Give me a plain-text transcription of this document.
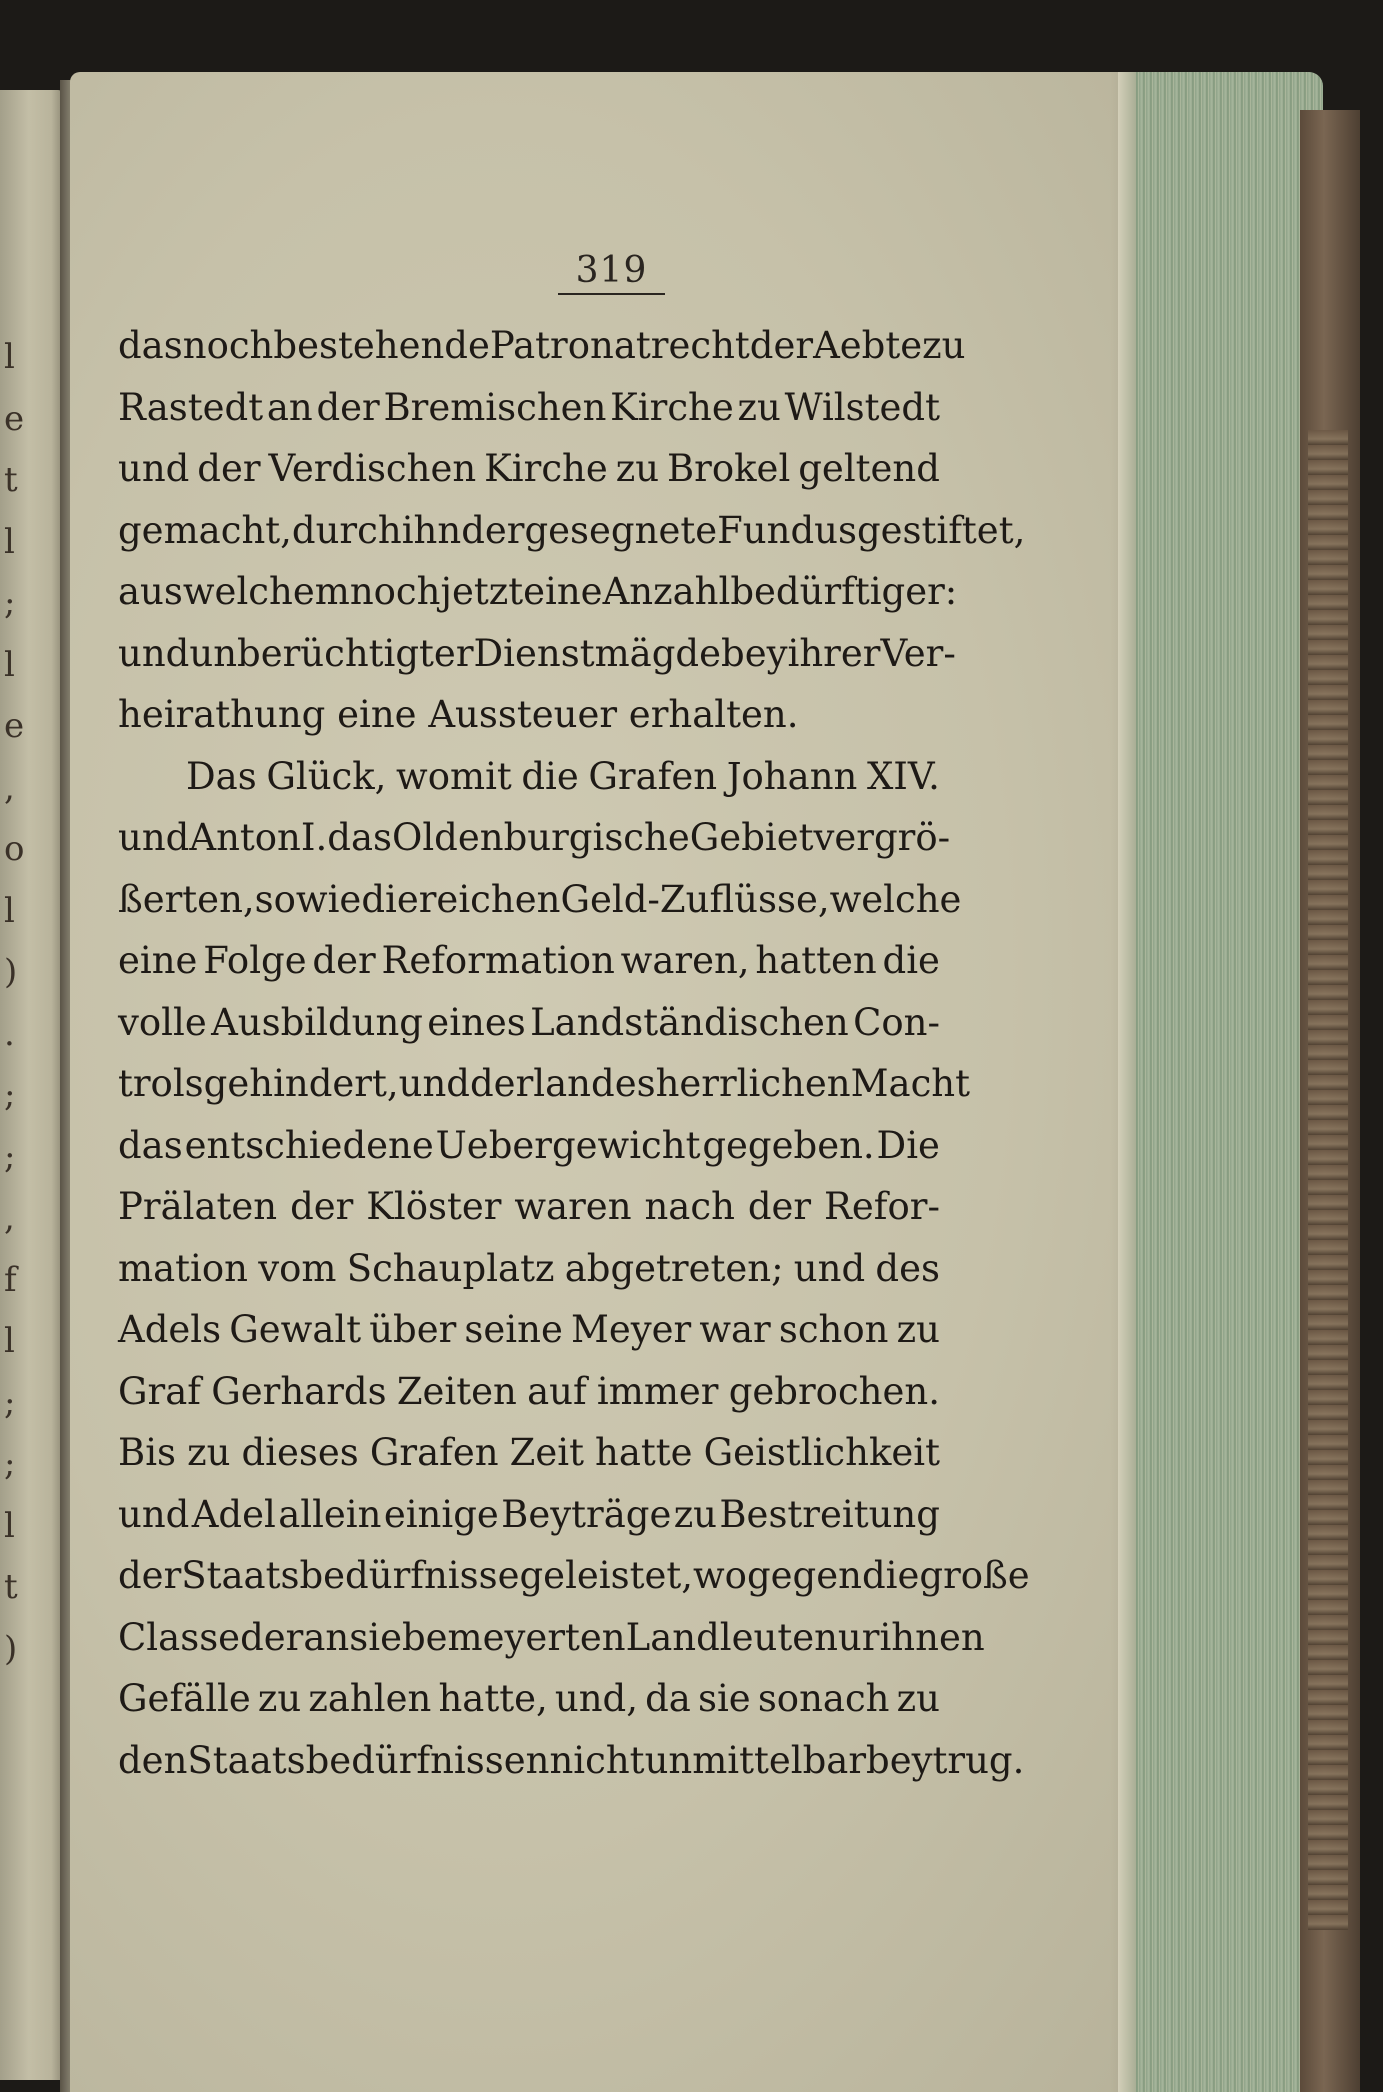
l
e
t
l
;
l
e
,
o
l
)
.
;
;
,
f
l
;
;
l
t
)
319
das noch bestehende Patronatrecht der Aebte zu
Rastedt an der Bremischen Kirche zu Wilstedt
und der Verdischen Kirche zu Brokel geltend
gemacht, durch ihn der gesegnete Fundus gestiftet,
aus welchem noch jetzt eine Anzahl bedürftiger:
und unberüchtigter Dienstmägde bey ihrer Ver-
heirathung eine Aussteuer erhalten.
Das Glück, womit die Grafen Johann XIV.
und Anton I. das Oldenburgische Gebiet vergrö-
ßerten, so wie die reichen Geld-Zuflüsse, welche
eine Folge der Reformation waren, hatten die
volle Ausbildung eines Landständischen Con-
trols gehindert, und der landesherrlichen Macht
das entschiedene Uebergewicht gegeben. Die
Prälaten der Klöster waren nach der Refor-
mation vom Schauplatz abgetreten; und des
Adels Gewalt über seine Meyer war schon zu
Graf Gerhards Zeiten auf immer gebrochen.
Bis zu dieses Grafen Zeit hatte Geistlichkeit
und Adel allein einige Beyträge zu Bestreitung
der Staatsbedürfnisse geleistet, wogegen die große
Classe der an sie bemeyerten Landleute nur ihnen
Gefälle zu zahlen hatte, und, da sie sonach zu
den Staatsbedürfnissen nicht unmittelbar beytrug.
